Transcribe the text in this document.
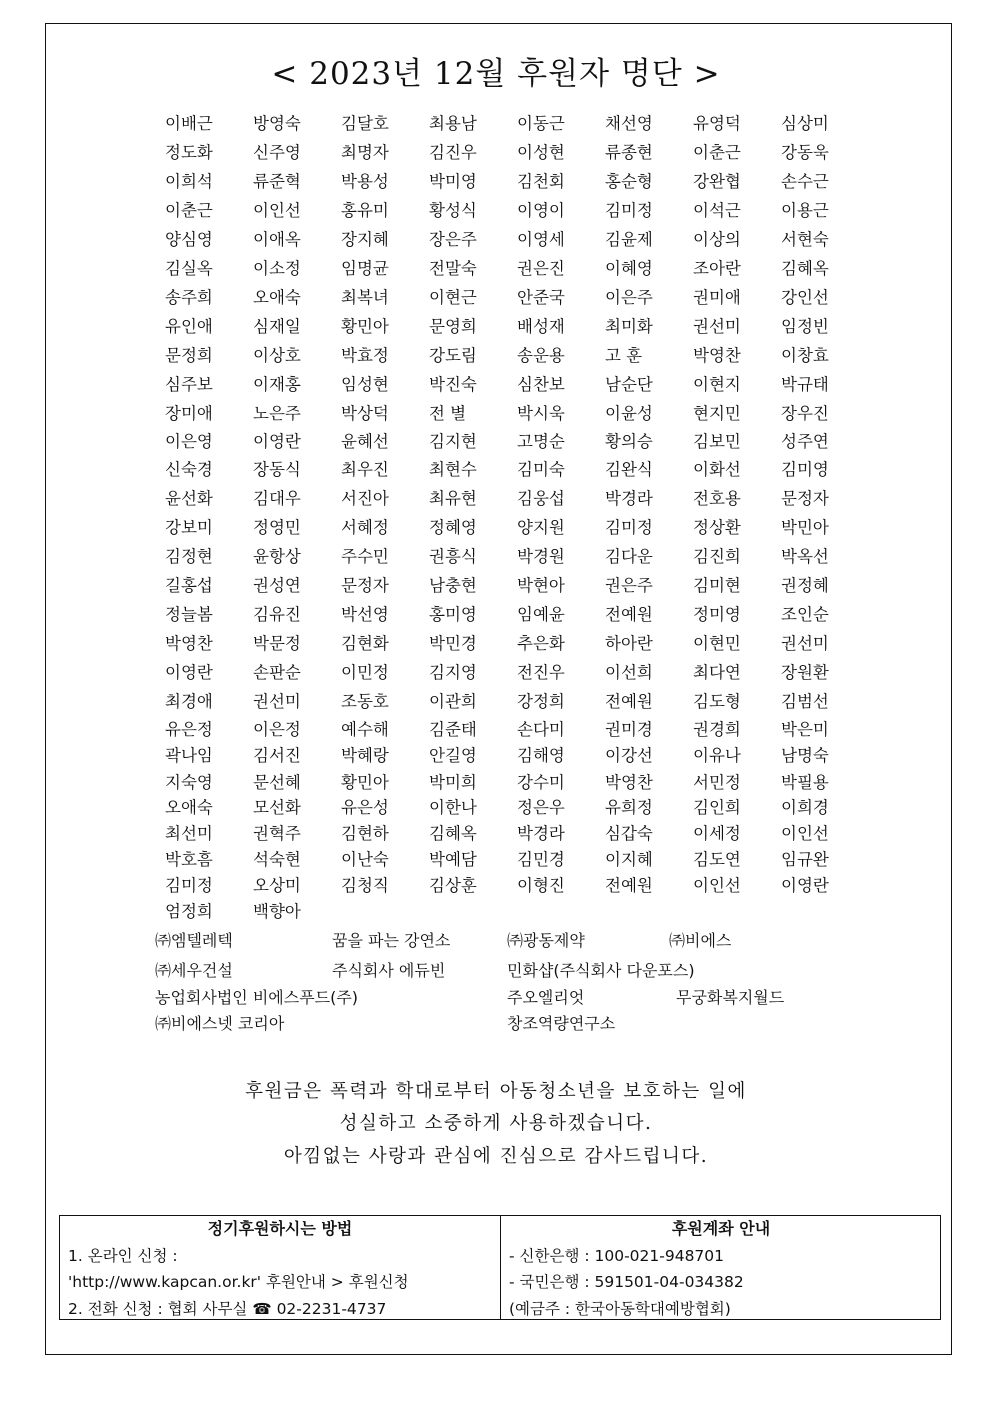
< 2023년 12월 후원자 명단 >
이배근 방영숙 김달호 최용남 이동근 채선영 유영덕 심상미
정도화 신주영 최명자 김진우 이성현 류종현 이춘근 강동욱
이희석 류준혁 박용성 박미영 김천회 홍순형 강완협 손수근
이춘근 이인선 홍유미 황성식 이영이 김미정 이석근 이용근
양심영 이애옥 장지혜 장은주 이영세 김윤제 이상의 서현숙
김실옥 이소정 임명균 전말숙 권은진 이혜영 조아란 김혜옥
송주희 오애숙 최복녀 이현근 안준국 이은주 권미애 강인선
유인애 심재일 황민아 문영희 배성재 최미화 권선미 임정빈
문정희 이상호 박효정 강도림 송운용 고 훈	박영찬 이창효
심주보 이재홍 임성현 박진숙 심찬보 남순단 이현지 박규태
장미애 노은주 박상덕 전 별	박시욱 이윤성 현지민 장우진
이은영 이영란 윤혜선 김지현 고명순 황의승 김보민 성주연
신숙경 장동식 최우진 최현수 김미숙 김완식 이화선 김미영
윤선화 김대우 서진아 최유현 김웅섭 박경라 전호용 문정자
강보미 정영민 서혜정 정혜영 양지원 김미정 정상환 박민아
김정현 윤항상 주수민 권흥식 박경원 김다운 김진희 박옥선
길홍섭 권성연 문정자 남충현 박현아 권은주 김미현 권정혜
정늘봄 김유진 박선영 홍미영 임예윤 전예원 정미영 조인순
박영찬 박문정 김현화 박민경 추은화 하아란 이현민 권선미
이영란 손판순 이민정 김지영 전진우 이선희 최다연 장원환
최경애 권선미 조동호 이관희 강정희 전예원 김도형 김범선
유은정 이은정 예수해 김준태 손다미 권미경 권경희 박은미
곽나임 김서진 박혜랑 안길영 김해영 이강선 이유나 남명숙
지숙영 문선혜 황민아 박미희 강수미 박영찬 서민정 박필용
오애숙 모선화 유은성 이한나 정은우 유희정 김인희 이희경
최선미 권혁주 김현하 김혜옥 박경라 심갑숙 이세정 이인선
박호흠 석숙현 이난숙 박예담 김민경 이지혜 김도연 임규완
김미정 오상미 김청직 김상훈 이형진 전예원 이인선 이영란
엄정희 백향아
㈜엠텔레텍	꿈을 파는 강연소	㈜광동제약	㈜비에스
㈜세우건설	주식회사 에듀빈	민화샵(주식회사 다운포스)
농업회사법인 비에스푸드(주)	주오엘리엇	무궁화복지월드
㈜비에스넷 코리아	창조역량연구소
후원금은 폭력과 학대로부터 아동청소년을 보호하는 일에
성실하고 소중하게 사용하겠습니다.
아낌없는 사랑과 관심에 진심으로 감사드립니다.
정기후원하시는 방법	후원계좌 안내
1. 온라인 신청 :
'http://www.kapcan.or.kr' 후원안내 > 후원신청
2. 전화 신청 : 협회 사무실 ☎ 02-2231-4737
- 신한은행 : 100-021-948701
- 국민은행 : 591501-04-034382
(예금주 : 한국아동학대예방협회)
